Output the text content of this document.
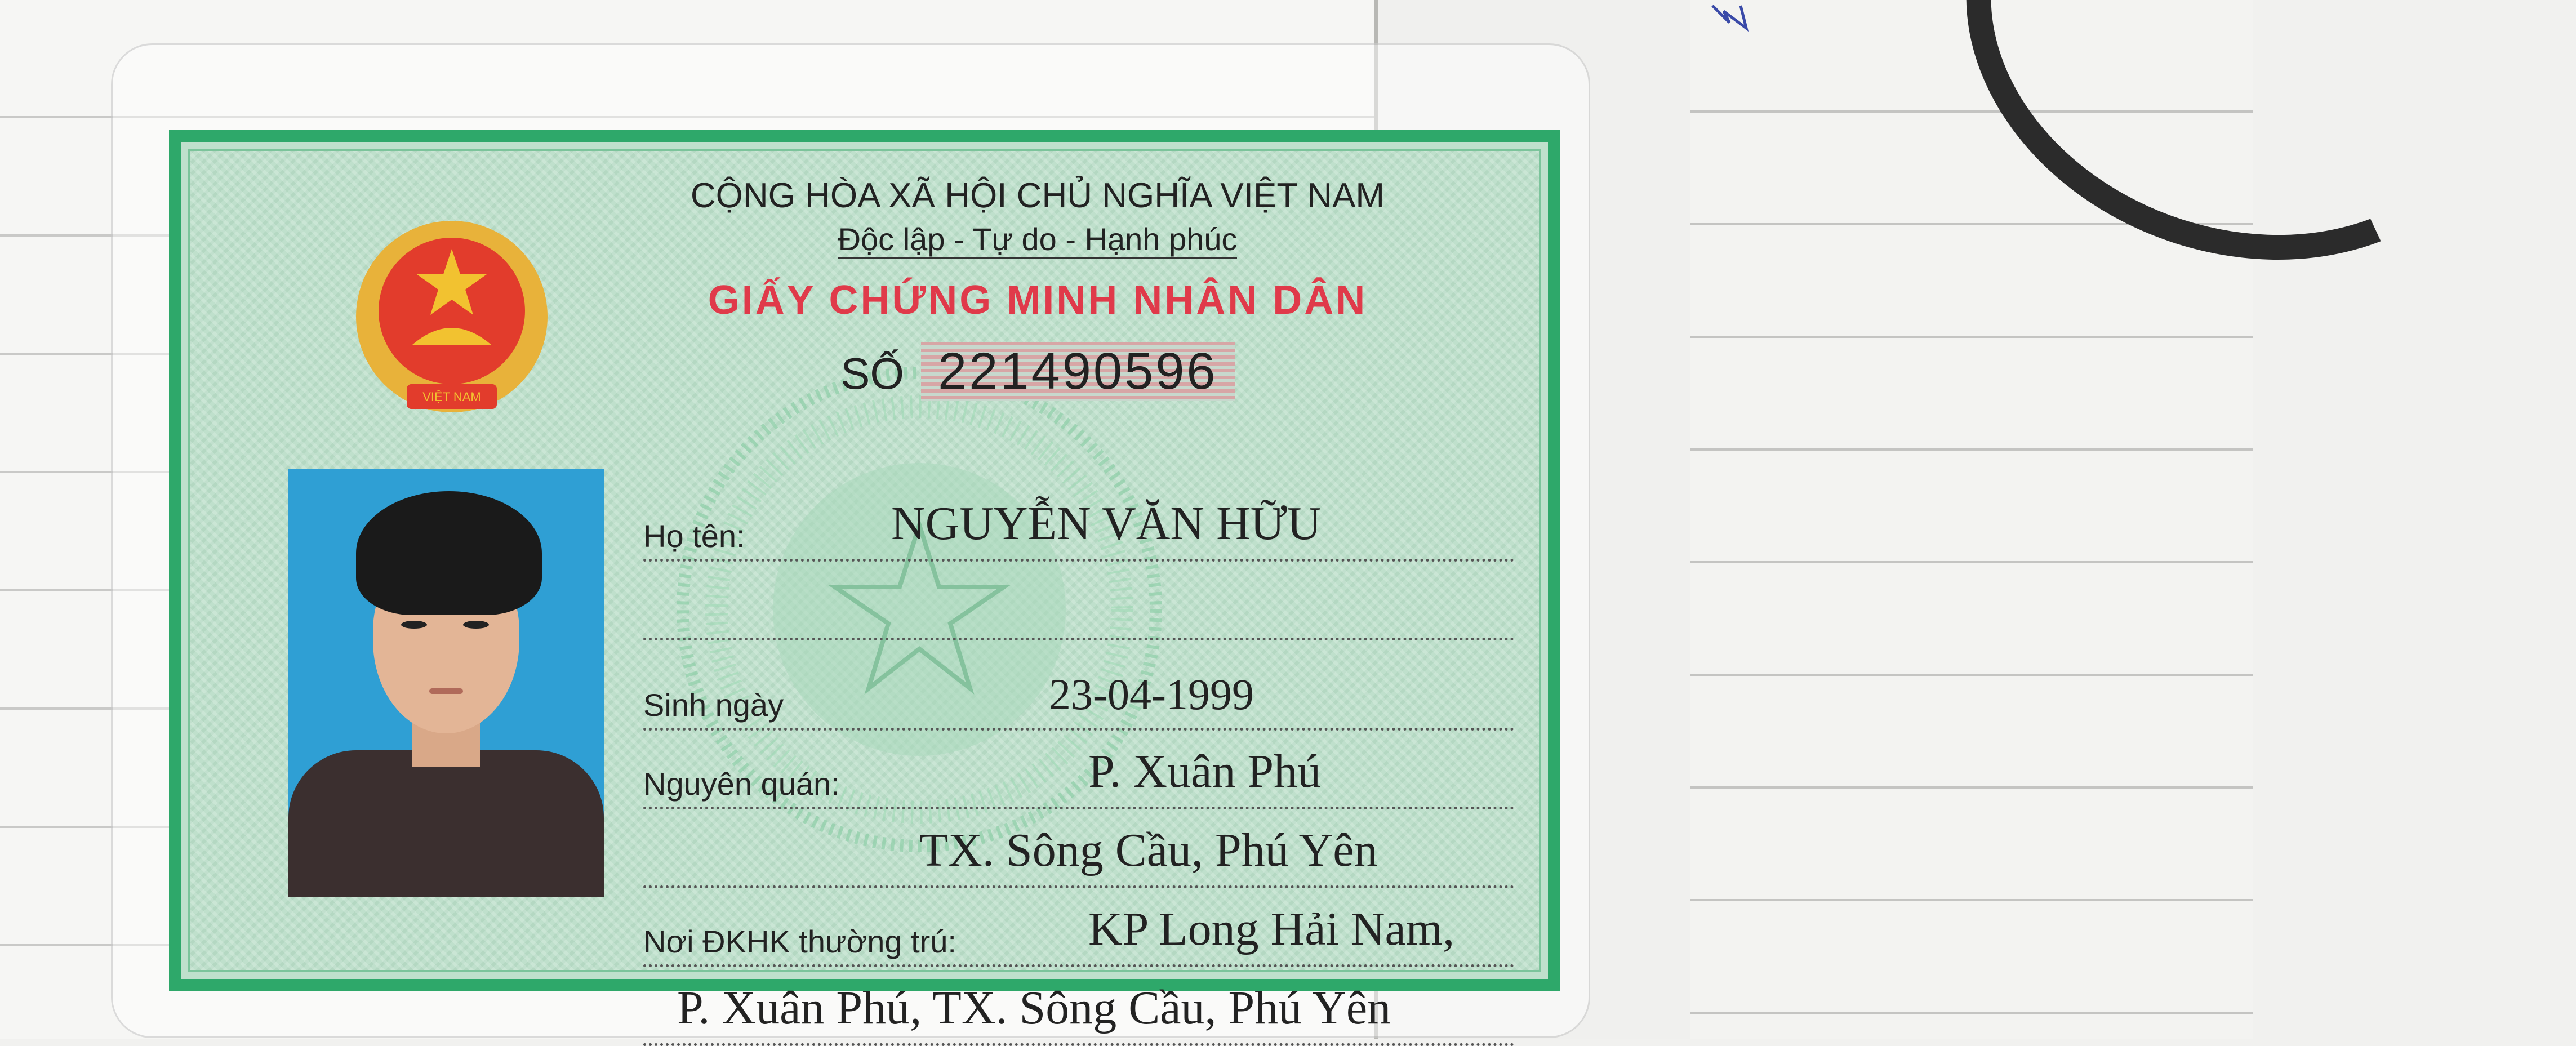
VIỆT NAM
CỘNG HÒA XÃ HỘI CHỦ NGHĨA VIỆT NAM
Độc lập - Tự do - Hạnh phúc
GIẤY CHỨNG MINH NHÂN DÂN
SỐ 221490596
Họ tên:	NGUYỄN VĂN HỮU
Sinh ngày	23-04-1999
Nguyên quán:	P. Xuân Phú
TX. Sông Cầu, Phú Yên
Nơi ĐKHK thường trú:	KP Long Hải Nam,
P. Xuân Phú, TX. Sông Cầu, Phú Yên
